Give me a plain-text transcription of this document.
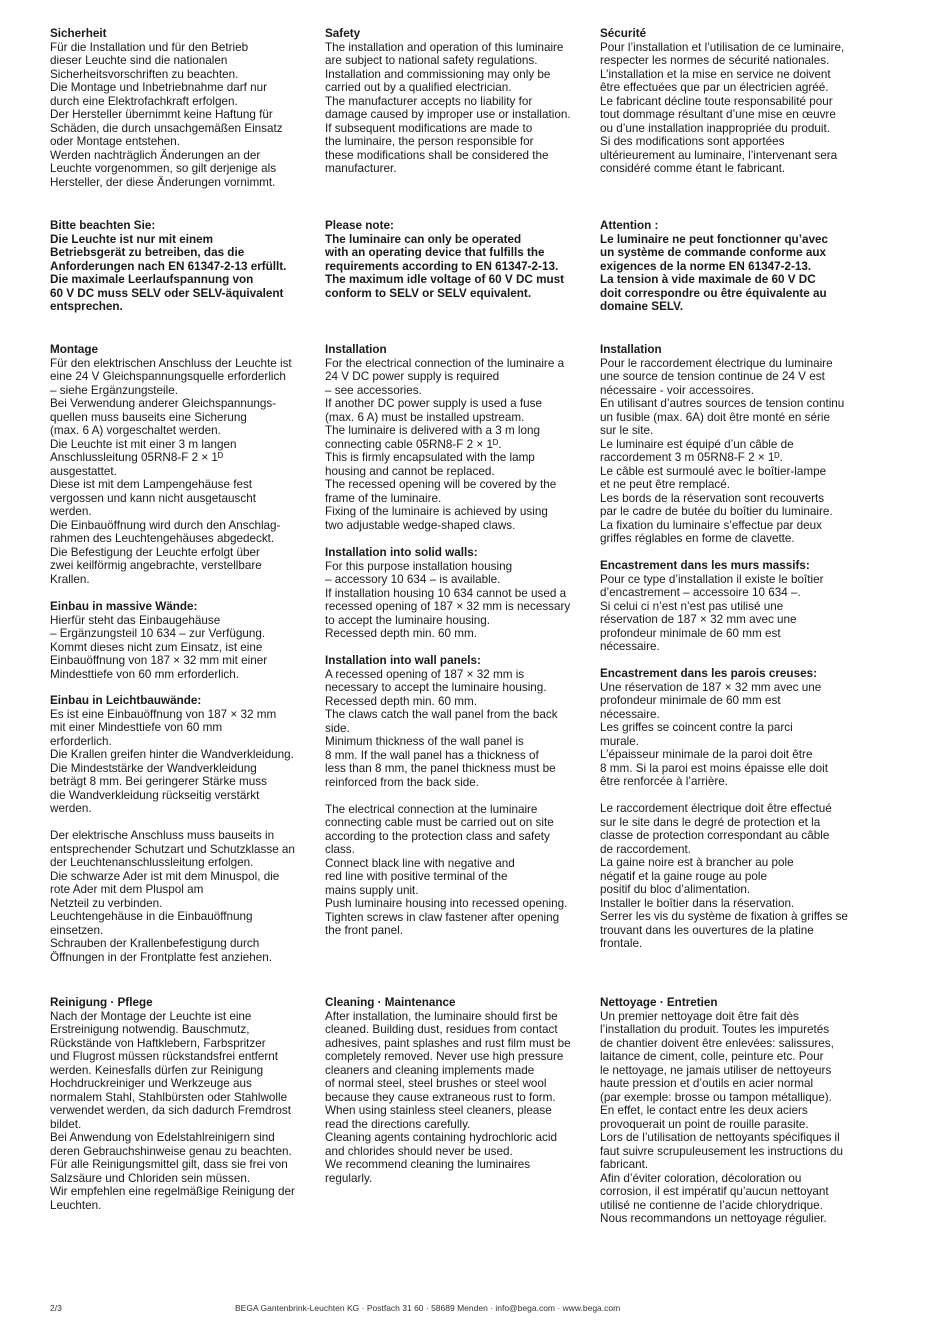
Sicherheit
Für die Installation und für den Betrieb
dieser Leuchte sind die nationalen
Sicherheitsvorschriften zu beachten.
Die Montage und Inbetriebnahme darf nur
durch eine Elektrofachkraft erfolgen.
Der Hersteller übernimmt keine Haftung für
Schäden, die durch unsachgemäßen Einsatz
oder Montage entstehen.
Werden nachträglich Änderungen an der
Leuchte vorgenommen, so gilt derjenige als
Hersteller, der diese Änderungen vornimmt.
Bitte beachten Sie:
Die Leuchte ist nur mit einem
Betriebsgerät zu betreiben, das die
Anforderungen nach EN 61347-2-13 erfüllt.
Die maximale Leerlaufspannung von
60 V DC muss SELV oder SELV-äquivalent
entsprechen.
Montage
Für den elektrischen Anschluss der Leuchte ist
eine 24 V Gleichspannungsquelle erforderlich
– siehe Ergänzungsteile.
Bei Verwendung anderer Gleichspannungs-
quellen muss bauseits eine Sicherung
(max. 6 A) vorgeschaltet werden.
Die Leuchte ist mit einer 3 m langen
Anschlussleitung 05RN8-F 2 × 1ᴰ
ausgestattet.
Diese ist mit dem Lampengehäuse fest
vergossen und kann nicht ausgetauscht
werden.
Die Einbauöffnung wird durch den Anschlag-
rahmen des Leuchtengehäuses abgedeckt.
Die Befestigung der Leuchte erfolgt über
zwei keilförmig angebrachte, verstellbare
Krallen.
Einbau in massive Wände:
Hierfür steht das Einbaugehäuse
– Ergänzungsteil 10 634 – zur Verfügung.
Kommt dieses nicht zum Einsatz, ist eine
Einbauöffnung von 187 × 32 mm mit einer
Mindesttiefe von 60 mm erforderlich.
Einbau in Leichtbauwände:
Es ist eine Einbauöffnung von 187 × 32 mm
mit einer Mindesttiefe von 60 mm
erforderlich.
Die Krallen greifen hinter die Wandverkleidung.
Die Mindeststärke der Wandverkleidung
beträgt 8 mm. Bei geringerer Stärke muss
die Wandverkleidung rückseitig verstärkt
werden.

Der elektrische Anschluss muss bauseits in
entsprechender Schutzart und Schutzklasse an
der Leuchtenanschlussleitung erfolgen.
Die schwarze Ader ist mit dem Minuspol, die
rote Ader mit dem Pluspol am
Netzteil zu verbinden.
Leuchtengehäuse in die Einbauöffnung
einsetzen.
Schrauben der Krallenbefestigung durch
Öffnungen in der Frontplatte fest anziehen.
Reinigung · Pflege
Nach der Montage der Leuchte ist eine
Erstreinigung notwendig. Bauschmutz,
Rückstände von Haftklebern, Farbspritzer
und Flugrost müssen rückstandsfrei entfernt
werden. Keinesfalls dürfen zur Reinigung
Hochdruckreiniger und Werkzeuge aus
normalem Stahl, Stahlbürsten oder Stahlwolle
verwendet werden, da sich dadurch Fremdrost
bildet.
Bei Anwendung von Edelstahlreinigern sind
deren Gebrauchshinweise genau zu beachten.
Für alle Reinigungsmittel gilt, dass sie frei von
Salzsäure und Chloriden sein müssen.
Wir empfehlen eine regelmäßige Reinigung der
Leuchten.
Safety
The installation and operation of this luminaire
are subject to national safety regulations.
Installation and commissioning may only be
carried out by a qualified electrician.
The manufacturer accepts no liability for
damage caused by improper use or installation.
If subsequent modifications are made to
the luminaire, the person responsible for
these modifications shall be considered the
manufacturer.
Please note:
The luminaire can only be operated
with an operating device that fulfills the
requirements according to EN 61347-2-13.
The maximum idle voltage of 60 V DC must
conform to SELV or SELV equivalent.
Installation
For the electrical connection of the luminaire a
24 V DC power supply is required
– see accessories.
If another DC power supply is used a fuse
(max. 6 A) must be installed upstream.
The luminaire is delivered with a 3 m long
connecting cable 05RN8-F 2 × 1ᴰ.
This is firmly encapsulated with the lamp
housing and cannot be replaced.
The recessed opening will be covered by the
frame of the luminaire.
Fixing of the luminaire is achieved by using
two adjustable wedge-shaped claws.
Installation into solid walls:
For this purpose installation housing
– accessory 10 634 – is available.
If installation housing 10 634 cannot be used a
recessed opening of 187 × 32 mm is necessary
to accept the luminaire housing.
Recessed depth min. 60 mm.
Installation into wall panels:
A recessed opening of 187 × 32 mm is
necessary to accept the luminaire housing.
Recessed depth min. 60 mm.
The claws catch the wall panel from the back
side.
Minimum thickness of the wall panel is
8 mm. If the wall panel has a thickness of
less than 8 mm, the panel thickness must be
reinforced from the back side.

The electrical connection at the luminaire
connecting cable must be carried out on site
according to the protection class and safety
class.
Connect black line with negative and
red line with positive terminal of the
mains supply unit.
Push luminaire housing into recessed opening.
Tighten screws in claw fastener after opening
the front panel.
Cleaning · Maintenance
After installation, the luminaire should first be
cleaned. Building dust, residues from contact
adhesives, paint splashes and rust film must be
completely removed. Never use high pressure
cleaners and cleaning implements made
of normal steel, steel brushes or steel wool
because they cause extraneous rust to form.
When using stainless steel cleaners, please
read the directions carefully.
Cleaning agents containing hydrochloric acid
and chlorides should never be used.
We recommend cleaning the luminaires
regularly.
Sécurité
Pour l’installation et l’utilisation de ce luminaire,
respecter les normes de sécurité nationales.
L’installation et la mise en service ne doivent
être effectuées que par un électricien agréé.
Le fabricant décline toute responsabilité pour
tout dommage résultant d’une mise en œuvre
ou d’une installation inappropriée du produit.
Si des modifications sont apportées
ultérieurement au luminaire, l’intervenant sera
considéré comme étant le fabricant.
Attention :
Le luminaire ne peut fonctionner qu’avec
un système de commande conforme aux
exigences de la norme EN 61347-2-13.
La tension à vide maximale de 60 V DC
doit correspondre ou être équivalente au
domaine SELV.
Installation
Pour le raccordement électrique du luminaire
une source de tension continue de 24 V est
nécessaire - voir accessoires.
En utilisant d’autres sources de tension continu
un fusible (max. 6A) doit être monté en série
sur le site.
Le luminaire est équipé d’un câble de
raccordement 3 m 05RN8-F 2 × 1ᴰ.
Le câble est surmoulé avec le boîtier-lampe
et ne peut être remplacé.
Les bords de la réservation sont recouverts
par le cadre de butée du boîtier du luminaire.
La fixation du luminaire s’effectue par deux
griffes réglables en forme de clavette.
Encastrement dans les murs massifs:
Pour ce type d’installation il existe le boîtier
d’encastrement – accessoire 10 634 –.
Si celui ci n’est n’est pas utilisé une
réservation de 187 × 32 mm avec une
profondeur minimale de 60 mm est
nécessaire.
Encastrement dans les parois creuses:
Une réservation de 187 × 32 mm avec une
profondeur minimale de 60 mm est
nécessaire.
Les griffes se coincent contre la parci
murale.
L’épaisseur minimale de la paroi doit être
8 mm. Si la paroi est moins épaisse elle doit
être renforcée à l’arrière.

Le raccordement électrique doit être effectué
sur le site dans le degré de protection et la
classe de protection correspondant au câble
de raccordement.
La gaine noire est à brancher au pole
négatif et la gaine rouge au pole
positif du bloc d’alimentation.
Installer le boîtier dans la réservation.
Serrer les vis du système de fixation à griffes se
trouvant dans les ouvertures de la platine
frontale.
Nettoyage · Entretien
Un premier nettoyage doit être fait dès
l’installation du produit. Toutes les impuretés
de chantier doivent être enlevées: salissures,
laitance de ciment, colle, peinture etc. Pour
le nettoyage, ne jamais utiliser de nettoyeurs
haute pression et d’outils en acier normal
(par exemple: brosse ou tampon métallique).
En effet, le contact entre les deux aciers
provoquerait un point de rouille parasite.
Lors de l’utilisation de nettoyants spécifiques il
faut suivre scrupuleusement les instructions du
fabricant.
Afin d’éviter coloration, décoloration ou
corrosion, il est impératif qu’aucun nettoyant
utilisé ne contienne de l’acide chlorydrique.
Nous recommandons un nettoyage régulier.
2/3	BEGA Gantenbrink-Leuchten KG · Postfach 31 60 · 58689 Menden · info@bega.com · www.bega.com
